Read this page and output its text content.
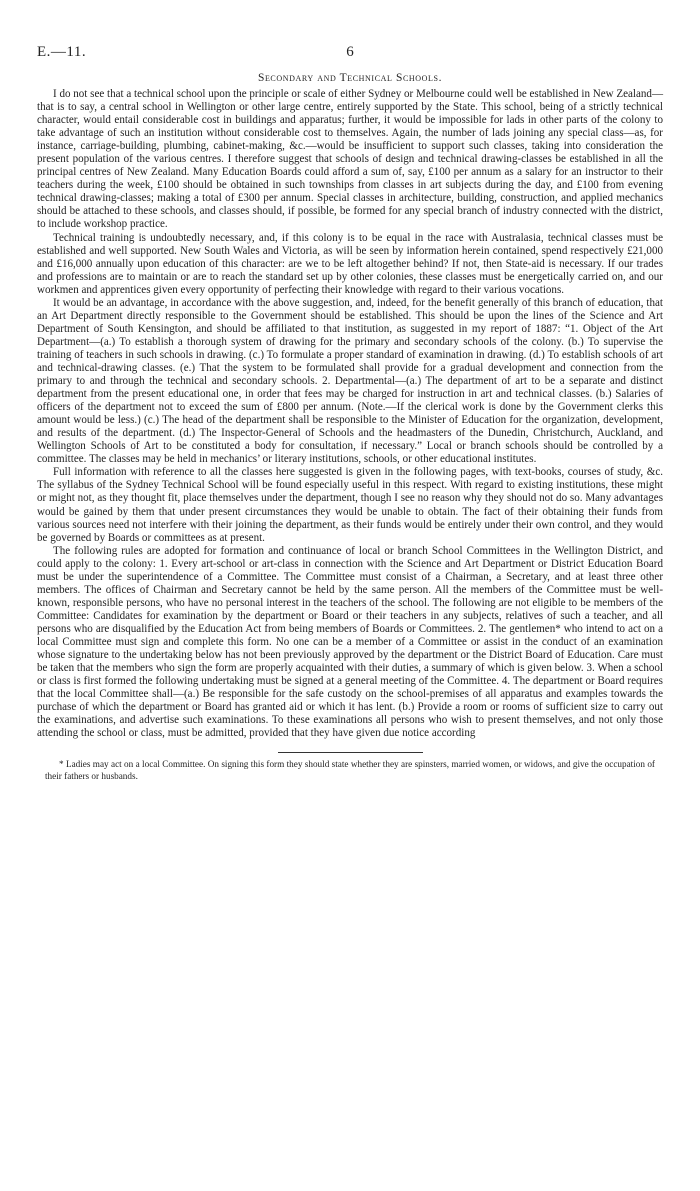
E.—11.	6
Secondary and Technical Schools.

I do not see that a technical school upon the principle or scale of either Sydney or Melbourne could well be established in New Zealand—that is to say, a central school in Wellington or other large centre, entirely supported by the State. This school, being of a strictly technical character, would entail considerable cost in buildings and apparatus; further, it would be impossible for lads in other parts of the colony to take advantage of such an institution without considerable cost to themselves. Again, the number of lads joining any special class—as, for instance, carriage-building, plumbing, cabinet-making, &c.—would be insufficient to support such classes, taking into consideration the present population of the various centres. I therefore suggest that schools of design and technical drawing-classes be established in all the principal centres of New Zealand. Many Education Boards could afford a sum of, say, £100 per annum as a salary for an instructor to their teachers during the week, £100 should be obtained in such townships from classes in art subjects during the day, and £100 from evening technical drawing-classes; making a total of £300 per annum. Special classes in architecture, building, construction, and applied mechanics should be attached to these schools, and classes should, if possible, be formed for any special branch of industry connected with the district, to include workshop practice.

Technical training is undoubtedly necessary, and, if this colony is to be equal in the race with Australasia, technical classes must be established and well supported. New South Wales and Victoria, as will be seen by information herein contained, spend respectively £21,000 and £16,000 annually upon education of this character: are we to be left altogether behind? If not, then State-aid is necessary. If our trades and professions are to maintain or are to reach the standard set up by other colonies, these classes must be energetically carried on, and our workmen and apprentices given every opportunity of perfecting their knowledge with regard to their various vocations.

It would be an advantage, in accordance with the above suggestion, and, indeed, for the benefit generally of this branch of education, that an Art Department directly responsible to the Government should be established. This should be upon the lines of the Science and Art Department of South Kensington, and should be affiliated to that institution, as suggested in my report of 1887: “1. Object of the Art Department—(a.) To establish a thorough system of drawing for the primary and secondary schools of the colony. (b.) To supervise the training of teachers in such schools in drawing. (c.) To formulate a proper standard of examination in drawing. (d.) To establish schools of art and technical-drawing classes. (e.) That the system to be formulated shall provide for a gradual development and connection from the primary to and through the technical and secondary schools. 2. Departmental—(a.) The department of art to be a separate and distinct department from the present educational one, in order that fees may be charged for instruction in art and technical classes. (b.) Salaries of officers of the department not to exceed the sum of £800 per annum. (Note.—If the clerical work is done by the Government clerks this amount would be less.) (c.) The head of the department shall be responsible to the Minister of Education for the organization, development, and results of the department. (d.) The Inspector-General of Schools and the headmasters of the Dunedin, Christchurch, Auckland, and Wellington Schools of Art to be constituted a body for consultation, if necessary.” Local or branch schools should be controlled by a committee. The classes may be held in mechanics’ or literary institutions, schools, or other educational institutes.

Full information with reference to all the classes here suggested is given in the following pages, with text-books, courses of study, &c. The syllabus of the Sydney Technical School will be found especially useful in this respect. With regard to existing institutions, these might or might not, as they thought fit, place themselves under the department, though I see no reason why they should not do so. Many advantages would be gained by them that under present circumstances they would be unable to obtain. The fact of their obtaining their funds from various sources need not interfere with their joining the department, as their funds would be entirely under their own control, and they would be governed by Boards or committees as at present.

The following rules are adopted for formation and continuance of local or branch School Committees in the Wellington District, and could apply to the colony: 1. Every art-school or art-class in connection with the Science and Art Department or District Education Board must be under the superintendence of a Committee. The Committee must consist of a Chairman, a Secretary, and at least three other members. The offices of Chairman and Secretary cannot be held by the same person. All the members of the Committee must be well-known, responsible persons, who have no personal interest in the teachers of the school. The following are not eligible to be members of the Committee: Candidates for examination by the department or Board or their teachers in any subjects, relatives of such a teacher, and all persons who are disqualified by the Education Act from being members of Boards or Committees. 2. The gentlemen* who intend to act on a local Committee must sign and complete this form. No one can be a member of a Committee or assist in the conduct of an examination whose signature to the undertaking below has not been previously approved by the department or the District Board of Education. Care must be taken that the members who sign the form are properly acquainted with their duties, a summary of which is given below. 3. When a school or class is first formed the following undertaking must be signed at a general meeting of the Committee. 4. The department or Board requires that the local Committee shall—(a.) Be responsible for the safe custody on the school-premises of all apparatus and examples towards the purchase of which the department or Board has granted aid or which it has lent. (b.) Provide a room or rooms of sufficient size to carry out the examinations, and advertise such examinations. To these examinations all persons who wish to present themselves, and not only those attending the school or class, must be admitted, provided that they have given due notice according

* Ladies may act on a local Committee. On signing this form they should state whether they are spinsters, married women, or widows, and give the occupation of their fathers or husbands.
